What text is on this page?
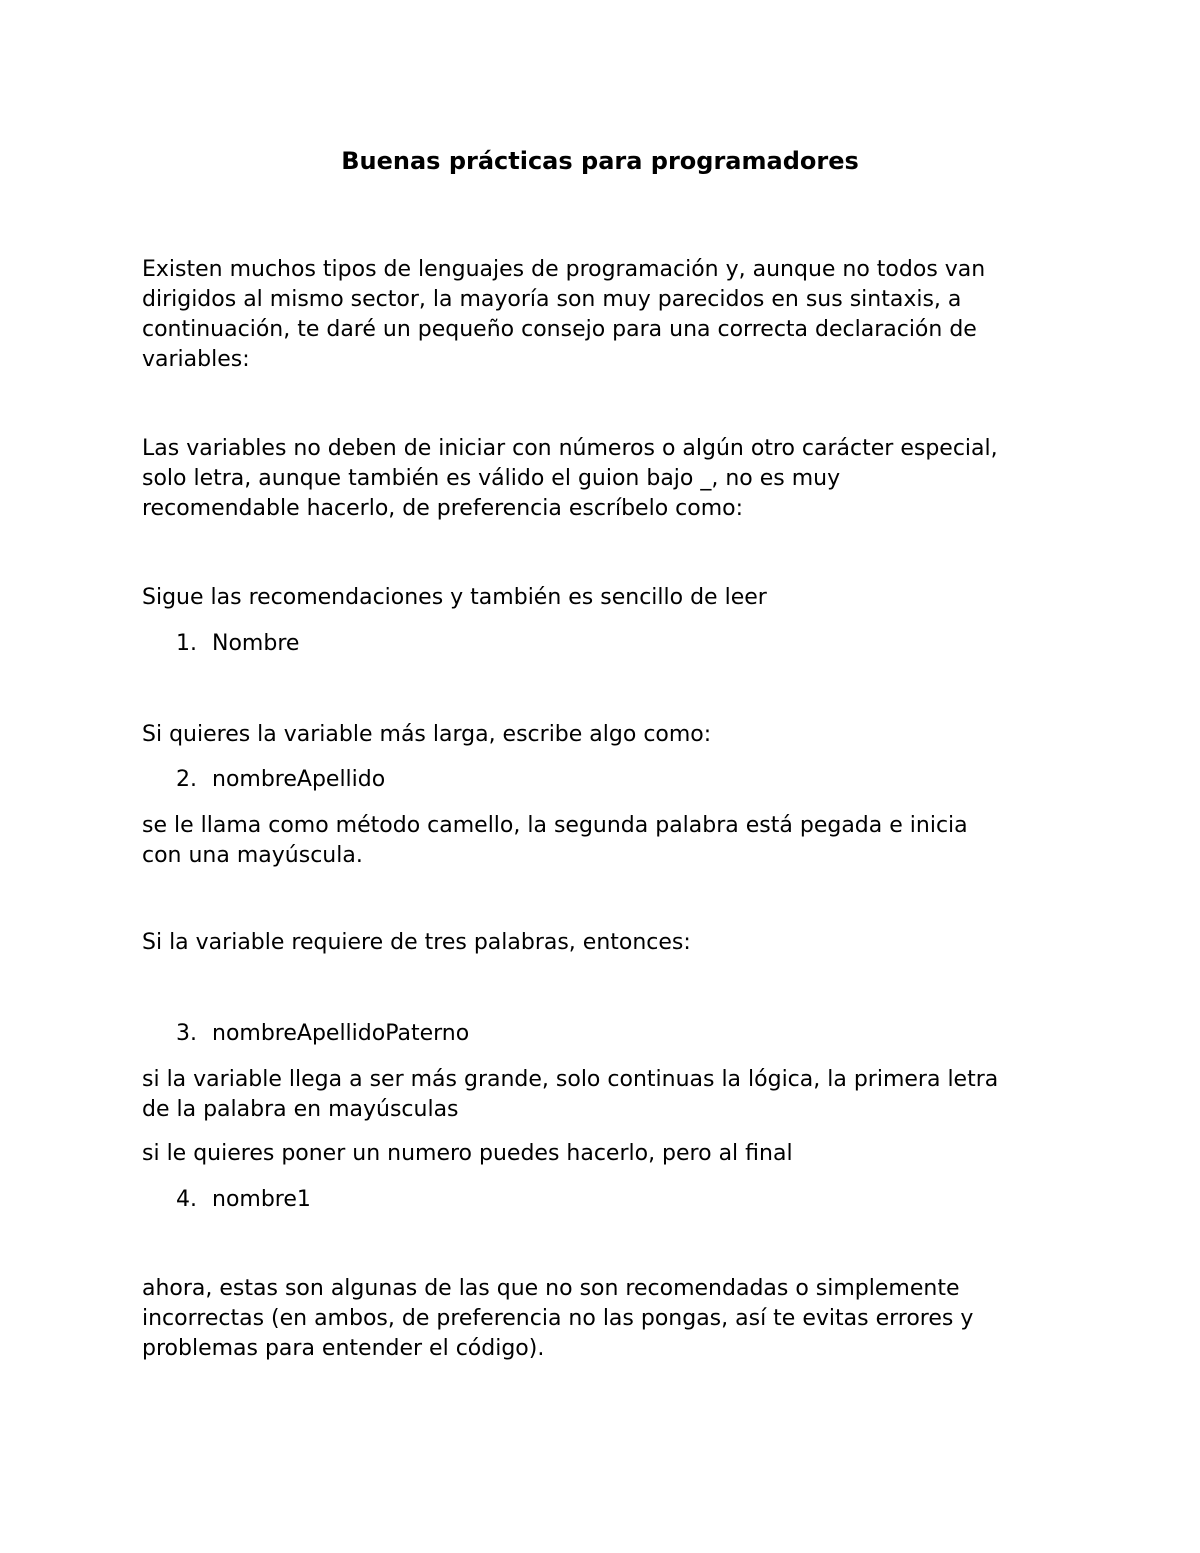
Buenas prácticas para programadores
Existen muchos tipos de lenguajes de programación y, aunque no todos van
dirigidos al mismo sector, la mayoría son muy parecidos en sus sintaxis, a
continuación, te daré un pequeño consejo para una correcta declaración de
variables:
Las variables no deben de iniciar con números o algún otro carácter especial,
solo letra, aunque también es válido el guion bajo _, no es muy
recomendable hacerlo, de preferencia escríbelo como:
Sigue las recomendaciones y también es sencillo de leer
1. Nombre
Si quieres la variable más larga, escribe algo como:
2. nombreApellido
se le llama como método camello, la segunda palabra está pegada e inicia
con una mayúscula.
Si la variable requiere de tres palabras, entonces:
3. nombreApellidoPaterno
si la variable llega a ser más grande, solo continuas la lógica, la primera letra
de la palabra en mayúsculas
si le quieres poner un numero puedes hacerlo, pero al final
4. nombre1
ahora, estas son algunas de las que no son recomendadas o simplemente
incorrectas (en ambos, de preferencia no las pongas, así te evitas errores y
problemas para entender el código).
